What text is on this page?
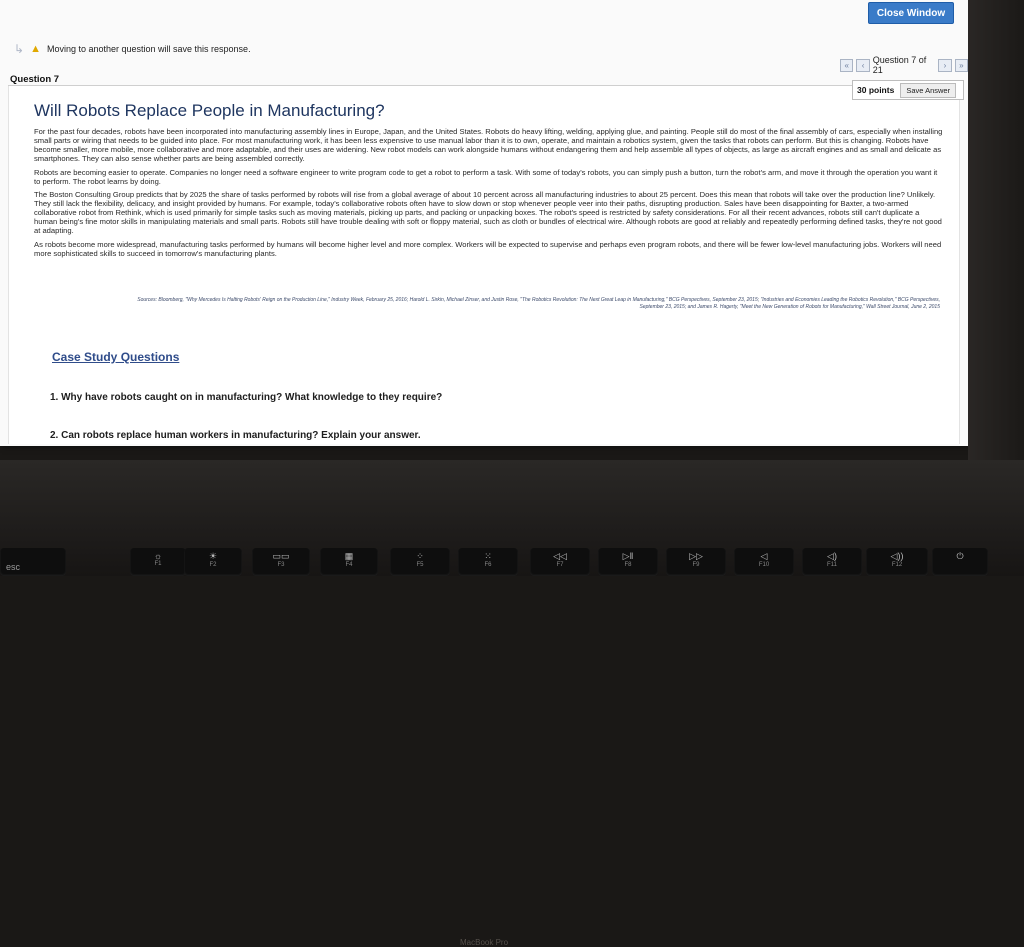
Close Window
↳ ▲ Moving to another question will save this response.
«	‹ Question 7 of 21	›	»
Question 7
30 points	Save Answer
Will Robots Replace People in Manufacturing?

For the past four decades, robots have been incorporated into manufacturing assembly lines in Europe, Japan, and the United States. Robots do heavy lifting, welding, applying glue, and painting. People still do most of the final assembly of cars, especially when installing small parts or wiring that needs to be guided into place. For most manufacturing work, it has been less expensive to use manual labor than it is to own, operate, and maintain a robotics system, given the tasks that robots can perform. But this is changing. Robots have become smaller, more mobile, more collaborative and more adaptable, and their uses are widening. New robot models can work alongside humans without endangering them and help assemble all types of objects, as large as aircraft engines and as small and delicate as smartphones. They can also sense whether parts are being assembled correctly.

Robots are becoming easier to operate. Companies no longer need a software engineer to write program code to get a robot to perform a task. With some of today's robots, you can simply push a button, turn the robot's arm, and move it through the operation you want it to perform. The robot learns by doing.

The Boston Consulting Group predicts that by 2025 the share of tasks performed by robots will rise from a global average of about 10 percent across all manufacturing industries to about 25 percent. Does this mean that robots will take over the production line? Unlikely. They still lack the flexibility, delicacy, and insight provided by humans. For example, today's collaborative robots often have to slow down or stop whenever people veer into their paths, disrupting production. Sales have been disappointing for Baxter, a two-armed collaborative robot from Rethink, which is used primarily for simple tasks such as moving materials, picking up parts, and packing or unpacking boxes. The robot's speed is restricted by safety considerations. For all their recent advances, robots still can't duplicate a human being's fine motor skills in manipulating materials and small parts. Robots still have trouble dealing with soft or floppy material, such as cloth or bundles of electrical wire. Although robots are good at reliably and repeatedly performing defined tasks, they're not good at adapting.

As robots become more widespread, manufacturing tasks performed by humans will become higher level and more complex. Workers will be expected to supervise and perhaps even program robots, and there will be fewer low-level manufacturing jobs. Workers will need more sophisticated skills to succeed in tomorrow's manufacturing plants.

Sources: Bloomberg, "Why Mercedes Is Halting Robots' Reign on the Production Line," Industry Week, February 25, 2016; Harold L. Sirkin, Michael Zinser, and Justin Rose, "The Robotics Revolution: The Next Great Leap in Manufacturing," BCG Perspectives, September 23, 2015; "Industries and Economies Leading the Robotics Revolution," BCG Perspectives,
September 23, 2015; and James R. Hagerty, "Meet the New Generation of Robots for Manufacturing," Wall Street Journal, June 2, 2015
Case Study Questions
1. Why have robots caught on in manufacturing? What knowledge to they require?
2. Can robots replace human workers in manufacturing? Explain your answer.
MacBook Pro
esc
☼
F1
☀
F2
▭▭
F3
▦
F4
⁘
F5
⁙
F6
◁◁
F7
▷‖
F8
▷▷
F9
◁
F10
◁)
F11
◁))
F12
⏻
